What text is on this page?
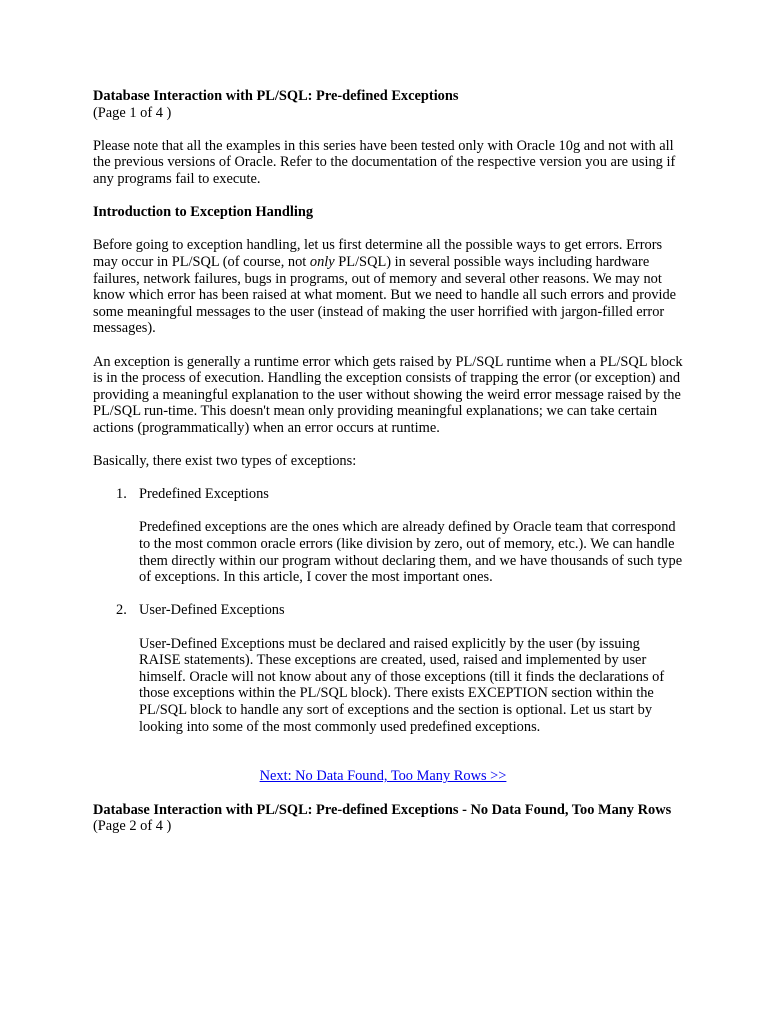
Database Interaction with PL/SQL: Pre-defined Exceptions

(Page 1 of 4 )

Please note that all the examples in this series have been tested only with Oracle 10g and not with all the previous versions of Oracle. Refer to the documentation of the respective version you are using if any programs fail to execute.

Introduction to Exception Handling

Before going to exception handling, let us first determine all the possible ways to get errors. Errors may occur in PL/SQL (of course, not only PL/SQL) in several possible ways including hardware failures, network failures, bugs in programs, out of memory and several other reasons. We may not know which error has been raised at what moment. But we need to handle all such errors and provide some meaningful messages to the user (instead of making the user horrified with jargon-filled error messages).

An exception is generally a runtime error which gets raised by PL/SQL runtime when a PL/SQL block is in the process of execution. Handling the exception consists of trapping the error (or exception) and providing a meaningful explanation to the user without showing the weird error message raised by the PL/SQL run-time. This doesn't mean only providing meaningful explanations; we can take certain actions (programmatically) when an error occurs at runtime.

Basically, there exist two types of exceptions:

1. Predefined Exceptions

Predefined exceptions are the ones which are already defined by Oracle team that correspond to the most common oracle errors (like division by zero, out of memory, etc.). We can handle them directly within our program without declaring them, and we have thousands of such type of exceptions. In this article, I cover the most important ones.

2. User-Defined Exceptions

User-Defined Exceptions must be declared and raised explicitly by the user (by issuing RAISE statements). These exceptions are created, used, raised and implemented by user himself. Oracle will not know about any of those exceptions (till it finds the declarations of those exceptions within the PL/SQL block). There exists EXCEPTION section within the PL/SQL block to handle any sort of exceptions and the section is optional. Let us start by looking into some of the most commonly used predefined exceptions.

Next: No Data Found, Too Many Rows >>

Database Interaction with PL/SQL: Pre-defined Exceptions - No Data Found, Too Many Rows

(Page 2 of 4 )
